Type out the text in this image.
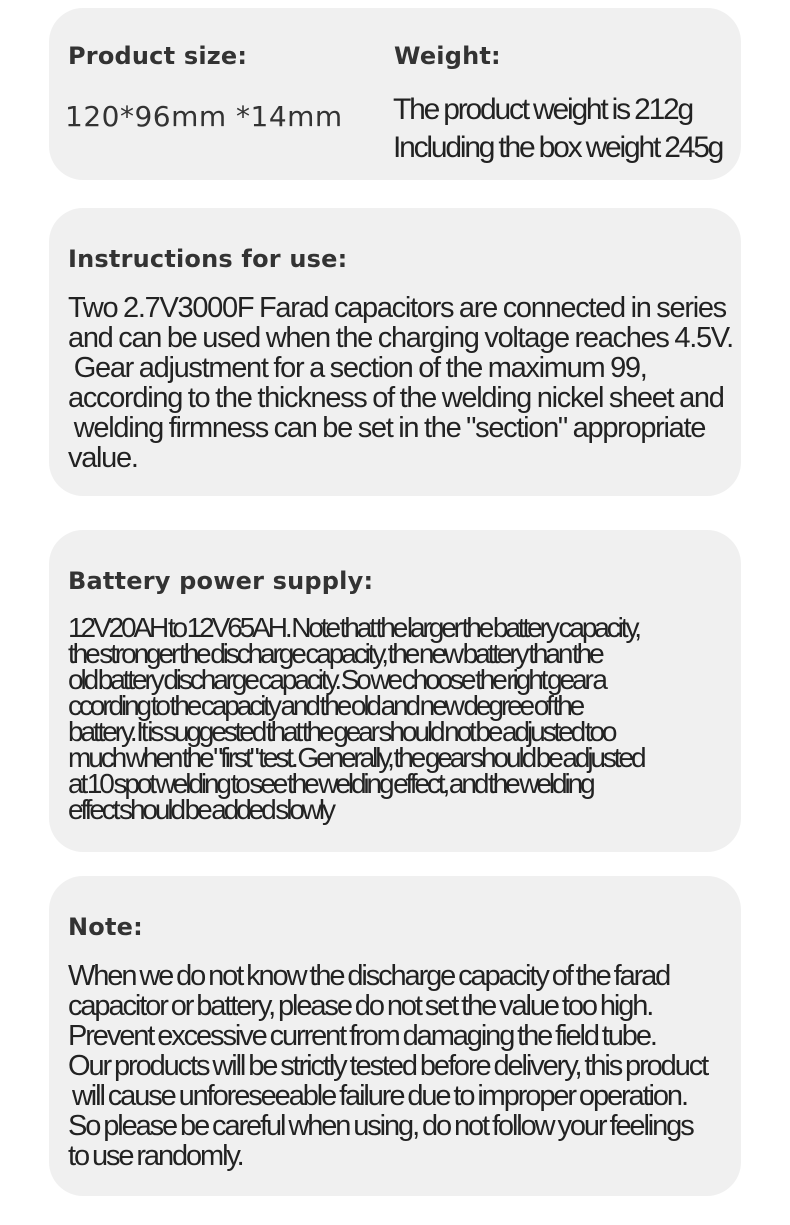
Product size:

120*96mm *14mm

Weight:

The product weight is 212g
Including the box weight 245g

Instructions for use:

Two 2.7V3000F Farad capacitors are connected in series
and can be used when the charging voltage reaches 4.5V.
Gear adjustment for a section of the maximum 99,
according to the thickness of the welding nickel sheet and
welding firmness can be set in the "section" appropriate
value.

Battery power supply:

12V20AH to 12V65AH. Note that the larger the battery capacity,
the stronger the discharge capacity, the new battery than the
old battery discharge capacity. So we choose the right gear a
ccording to the capacity and the old and new degree of the
battery. It is suggested that the gear should not be adjusted too
much when the "first" test. Generally, the gear should be adjusted
at 10 spot welding to see the welding effect, and the welding
effect should be added slowly

Note:

When we do not know the discharge capacity of the farad
capacitor or battery, please do not set the value too high.
Prevent excessive current from damaging the field tube.
Our products will be strictly tested before delivery, this product
will cause unforeseeable failure due to improper operation.
So please be careful when using, do not follow your feelings
to use randomly.
